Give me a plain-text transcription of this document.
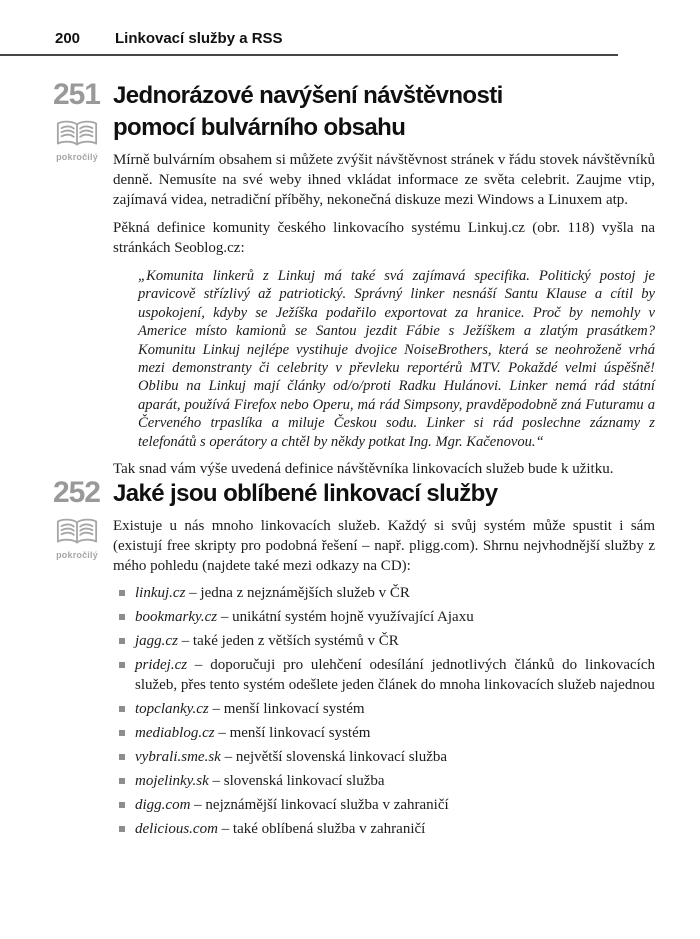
200	Linkovací služby a RSS
251
pokročilý
Jednorázové navýšení návštěvnosti
pomocí bulvárního obsahu

Mírně bulvárním obsahem si můžete zvýšit návštěvnost stránek v řádu stovek návštěvníků denně. Nemusíte na své weby ihned vkládat informace ze světa celebrit. Zaujme vtip, zajímavá videa, netradiční příběhy, nekonečná diskuze mezi Windows a Linuxem atp.

Pěkná definice komunity českého linkovacího systému Linkuj.cz (obr. 118) vyšla na stránkách Seoblog.cz:

„Komunita linkerů z Linkuj má také svá zajímavá specifika. Politický postoj je pravicově střízlivý až patriotický. Správný linker nesnáší Santu Klause a cítil by uspokojení, kdyby se Ježíška podařilo exportovat za hranice. Proč by nemohly v Americe místo kamionů se Santou jezdit Fábie s Ježíškem a zlatým prasátkem? Komunitu Linkuj nejlépe vystihuje dvojice NoiseBrothers, která se neohroženě vrhá mezi demonstranty či celebrity v převleku reportérů MTV. Pokaždé velmi úspěšně! Oblibu na Linkuj mají články od/o/proti Radku Hulánovi. Linker nemá rád státní aparát, používá Firefox nebo Operu, má rád Simpsony, pravděpodobně zná Futuramu a Červeného trpaslíka a miluje Českou sodu. Linker si rád poslechne záznamy z telefonátů s operátory a chtěl by někdy potkat Ing. Mgr. Kačenovou.“

Tak snad vám výše uvedená definice návštěvníka linkovacích služeb bude k užitku.

252
pokročilý
Jaké jsou oblíbené linkovací služby

Existuje u nás mnoho linkovacích služeb. Každý si svůj systém může spustit i sám (existují free skripty pro podobná řešení – např. pligg.com). Shrnu nejvhodnější služby z mého pohledu (najdete také mezi odkazy na CD):

linkuj.cz – jedna z nejznámějších služeb v ČR
bookmarky.cz – unikátní systém hojně využívající Ajaxu
jagg.cz – také jeden z větších systémů v ČR
pridej.cz – doporučuji pro ulehčení odesílání jednotlivých článků do linkovacích služeb, přes tento systém odešlete jeden článek do mnoha linkovacích služeb najednou
topclanky.cz – menší linkovací systém
mediablog.cz – menší linkovací systém
vybrali.sme.sk – největší slovenská linkovací služba
mojelinky.sk – slovenská linkovací služba
digg.com – nejznámější linkovací služba v zahraničí
delicious.com – také oblíbená služba v zahraničí
